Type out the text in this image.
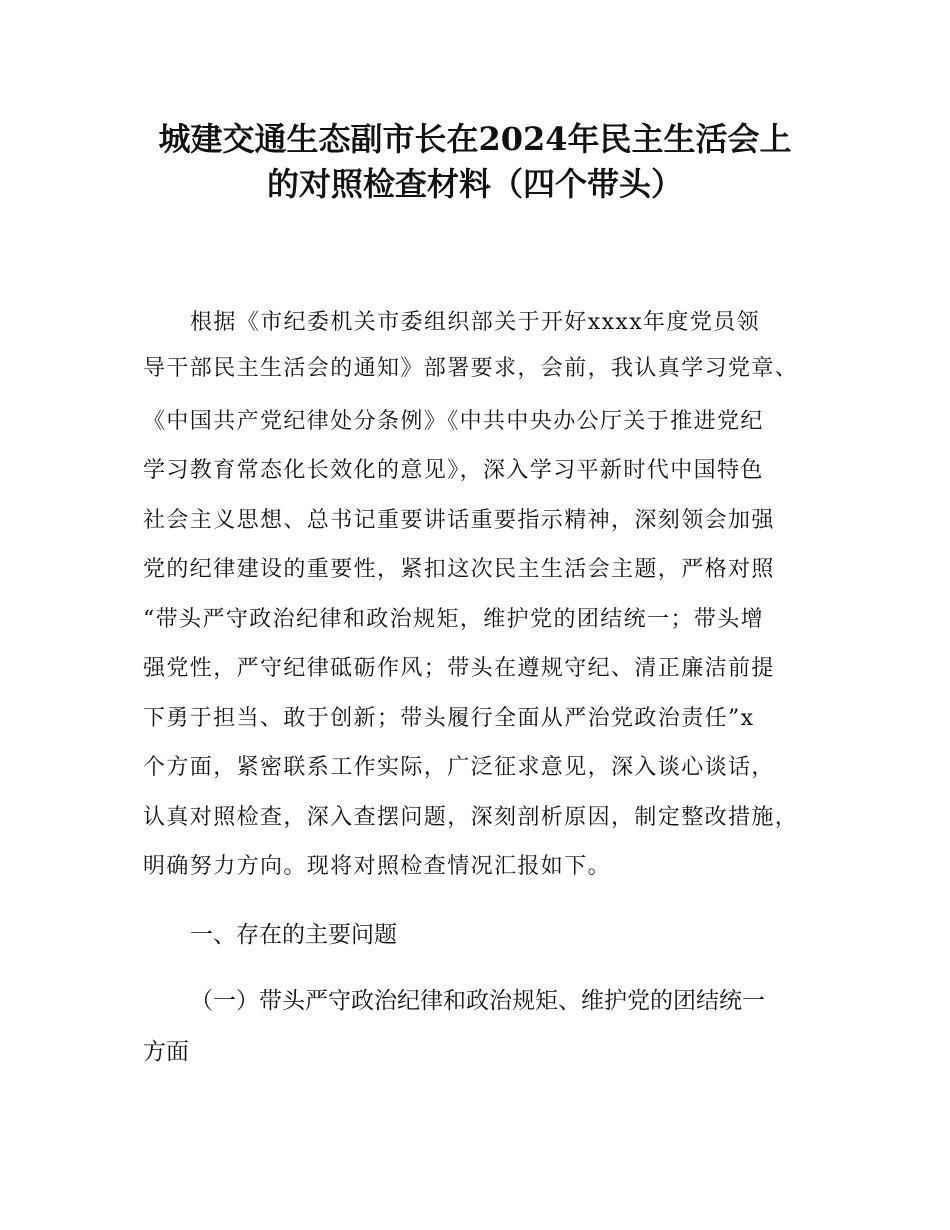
城建交通生态副市长在2024年民主生活会上
的对照检查材料（四个带头）
根据《市纪委机关市委组织部关于开好xxxx年度党员领
导干部民主生活会的通知》部署要求，会前，我认真学习党章、
《中国共产党纪律处分条例》《中共中央办公厅关于推进党纪
学习教育常态化长效化的意见》，深入学习平新时代中国特色
社会主义思想、总书记重要讲话重要指示精神，深刻领会加强
党的纪律建设的重要性，紧扣这次民主生活会主题，严格对照
“带头严守政治纪律和政治规矩，维护党的团结统一；带头增
强党性，严守纪律砥砺作风；带头在遵规守纪、清正廉洁前提
下勇于担当、敢于创新；带头履行全面从严治党政治责任”x
个方面，紧密联系工作实际，广泛征求意见，深入谈心谈话，
认真对照检查，深入查摆问题，深刻剖析原因，制定整改措施，
明确努力方向。现将对照检查情况汇报如下。
一、存在的主要问题
（一）带头严守政治纪律和政治规矩、维护党的团结统一
方面
